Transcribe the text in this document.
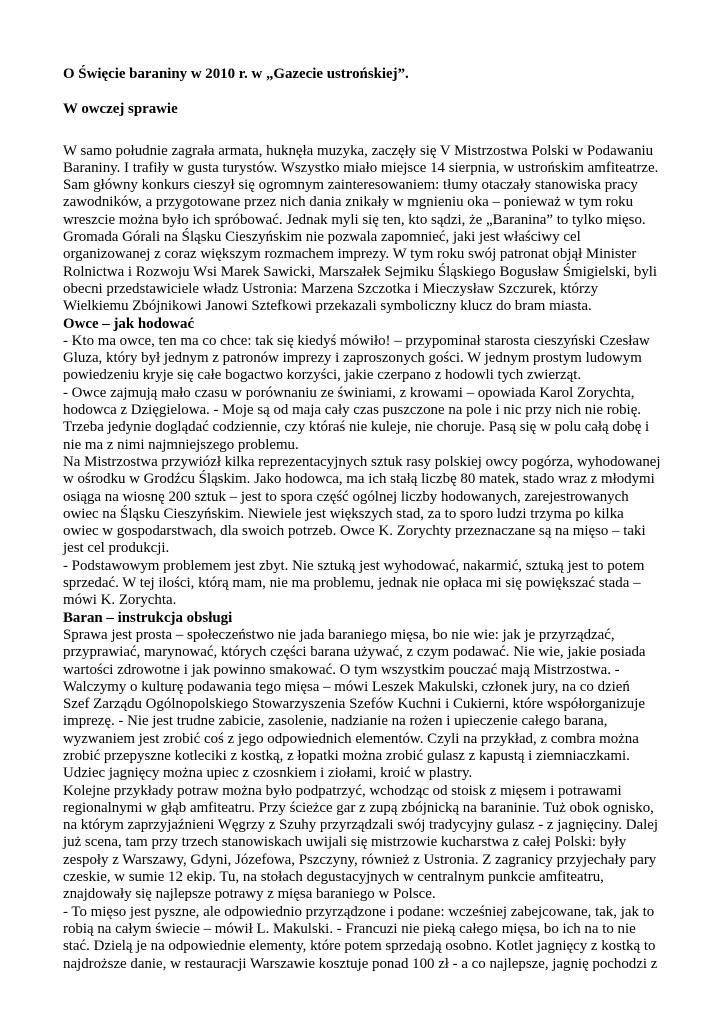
O Święcie baraniny w 2010 r. w „Gazecie ustrońskiej”.

W owczej sprawie

W samo południe zagrała armata, huknęła muzyka, zaczęły się V Mistrzostwa Polski w Podawaniu
Baraniny. I trafiły w gusta turystów. Wszystko miało miejsce 14 sierpnia, w ustrońskim amfiteatrze.
Sam główny konkurs cieszył się ogromnym zainteresowaniem: tłumy otaczały stanowiska pracy
zawodników, a przygotowane przez nich dania znikały w mgnieniu oka – ponieważ w tym roku
wreszcie można było ich spróbować. Jednak myli się ten, kto sądzi, że „Baranina” to tylko mięso.
Gromada Górali na Śląsku Cieszyńskim nie pozwala zapomnieć, jaki jest właściwy cel
organizowanej z coraz większym rozmachem imprezy. W tym roku swój patronat objął Minister
Rolnictwa i Rozwoju Wsi Marek Sawicki, Marszałek Sejmiku Śląskiego Bogusław Śmigielski, byli
obecni przedstawiciele władz Ustronia: Marzena Szczotka i Mieczysław Szczurek, którzy
Wielkiemu Zbójnikowi Janowi Sztefkowi przekazali symboliczny klucz do bram miasta.
Owce – jak hodować
- Kto ma owce, ten ma co chce: tak się kiedyś mówiło! – przypominał starosta cieszyński Czesław
Gluza, który był jednym z patronów imprezy i zaproszonych gości. W jednym prostym ludowym
powiedzeniu kryje się całe bogactwo korzyści, jakie czerpano z hodowli tych zwierząt.
- Owce zajmują mało czasu w porównaniu ze świniami, z krowami – opowiada Karol Zorychta,
hodowca z Dzięgielowa. - Moje są od maja cały czas puszczone na pole i nic przy nich nie robię.
Trzeba jedynie doglądać codziennie, czy któraś nie kuleje, nie choruje. Pasą się w polu całą dobę i
nie ma z nimi najmniejszego problemu.
Na Mistrzostwa przywiózł kilka reprezentacyjnych sztuk rasy polskiej owcy pogórza, wyhodowanej
w ośrodku w Grodźcu Śląskim. Jako hodowca, ma ich stałą liczbę 80 matek, stado wraz z młodymi
osiąga na wiosnę 200 sztuk – jest to spora część ogólnej liczby hodowanych, zarejestrowanych
owiec na Śląsku Cieszyńskim. Niewiele jest większych stad, za to sporo ludzi trzyma po kilka
owiec w gospodarstwach, dla swoich potrzeb. Owce K. Zorychty przeznaczane są na mięso – taki
jest cel produkcji.
- Podstawowym problemem jest zbyt. Nie sztuką jest wyhodować, nakarmić, sztuką jest to potem
sprzedać. W tej ilości, którą mam, nie ma problemu, jednak nie opłaca mi się powiększać stada –
mówi K. Zorychta.
Baran – instrukcja obsługi
Sprawa jest prosta – społeczeństwo nie jada baraniego mięsa, bo nie wie: jak je przyrządzać,
przyprawiać, marynować, których części barana używać, z czym podawać. Nie wie, jakie posiada
wartości zdrowotne i jak powinno smakować. O tym wszystkim pouczać mają Mistrzostwa. -
Walczymy o kulturę podawania tego mięsa – mówi Leszek Makulski, członek jury, na co dzień
Szef Zarządu Ogólnopolskiego Stowarzyszenia Szefów Kuchni i Cukierni, które współorganizuje
imprezę. - Nie jest trudne zabicie, zasolenie, nadzianie na rożen i upieczenie całego barana,
wyzwaniem jest zrobić coś z jego odpowiednich elementów. Czyli na przykład, z combra można
zrobić przepyszne kotleciki z kostką, z łopatki można zrobić gulasz z kapustą i ziemniaczkami.
Udziec jagnięcy można upiec z czosnkiem i ziołami, kroić w plastry.
Kolejne przykłady potraw można było podpatrzyć, wchodząc od stoisk z mięsem i potrawami
regionalnymi w głąb amfiteatru. Przy ścieżce gar z zupą zbójnicką na baraninie. Tuż obok ognisko,
na którym zaprzyjaźnieni Węgrzy z Szuhy przyrządzali swój tradycyjny gulasz - z jagnięciny. Dalej
już scena, tam przy trzech stanowiskach uwijali się mistrzowie kucharstwa z całej Polski: były
zespoły z Warszawy, Gdyni, Józefowa, Pszczyny, również z Ustronia. Z zagranicy przyjechały pary
czeskie, w sumie 12 ekip. Tu, na stołach degustacyjnych w centralnym punkcie amfiteatru,
znajdowały się najlepsze potrawy z mięsa baraniego w Polsce.
- To mięso jest pyszne, ale odpowiednio przyrządzone i podane: wcześniej zabejcowane, tak, jak to
robią na całym świecie – mówił L. Makulski. - Francuzi nie pieką całego mięsa, bo ich na to nie
stać. Dzielą je na odpowiednie elementy, które potem sprzedają osobno. Kotlet jagnięcy z kostką to
najdroższe danie, w restauracji Warszawie kosztuje ponad 100 zł - a co najlepsze, jagnię pochodzi z
